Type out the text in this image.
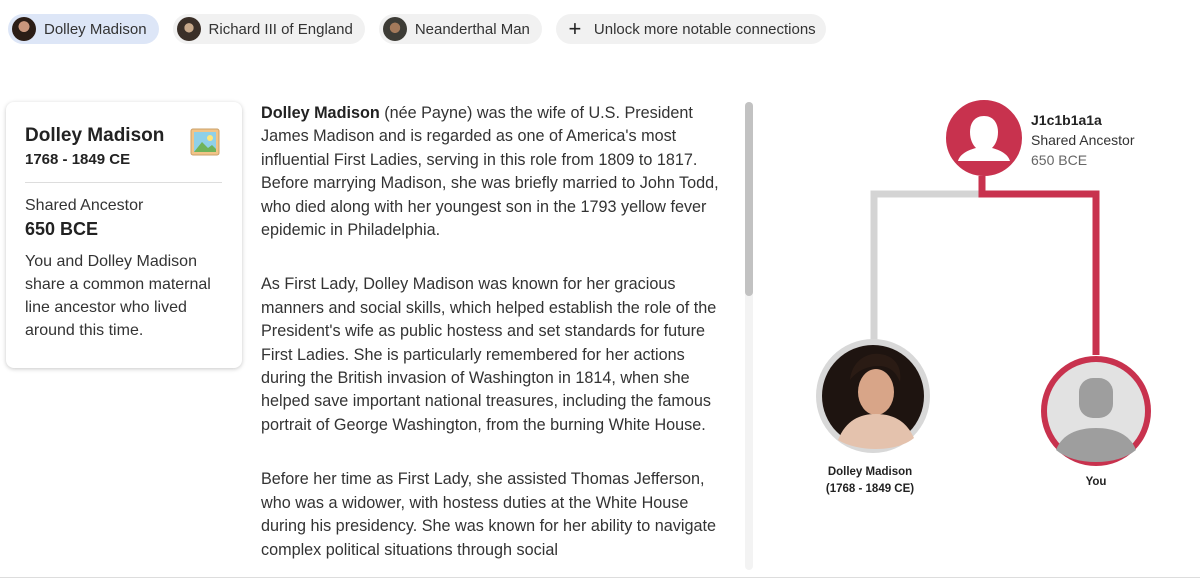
Dolley Madison	Richard III of England	Neanderthal Man + Unlock more notable connections
Dolley Madison
1768 - 1849 CE
Shared Ancestor
650 BCE
You and Dolley Madison share a common maternal line ancestor who lived around this time.

Dolley Madison (née Payne) was the wife of U.S. President James Madison and is regarded as one of America's most influential First Ladies, serving in this role from 1809 to 1817. Before marrying Madison, she was briefly married to John Todd, who died along with her youngest son in the 1793 yellow fever epidemic in Philadelphia.

As First Lady, Dolley Madison was known for her gracious manners and social skills, which helped establish the role of the President's wife as public hostess and set standards for future First Ladies. She is particularly remembered for her actions during the British invasion of Washington in 1814, when she helped save important national treasures, including the famous portrait of George Washington, from the burning White House.

Before her time as First Lady, she assisted Thomas Jefferson, who was a widower, with hostess duties at the White House during his presidency. She was known for her ability to navigate complex political situations through social

J1c1b1a1a
Shared Ancestor
650 BCE
Dolley Madison
(1768 - 1849 CE)
You
